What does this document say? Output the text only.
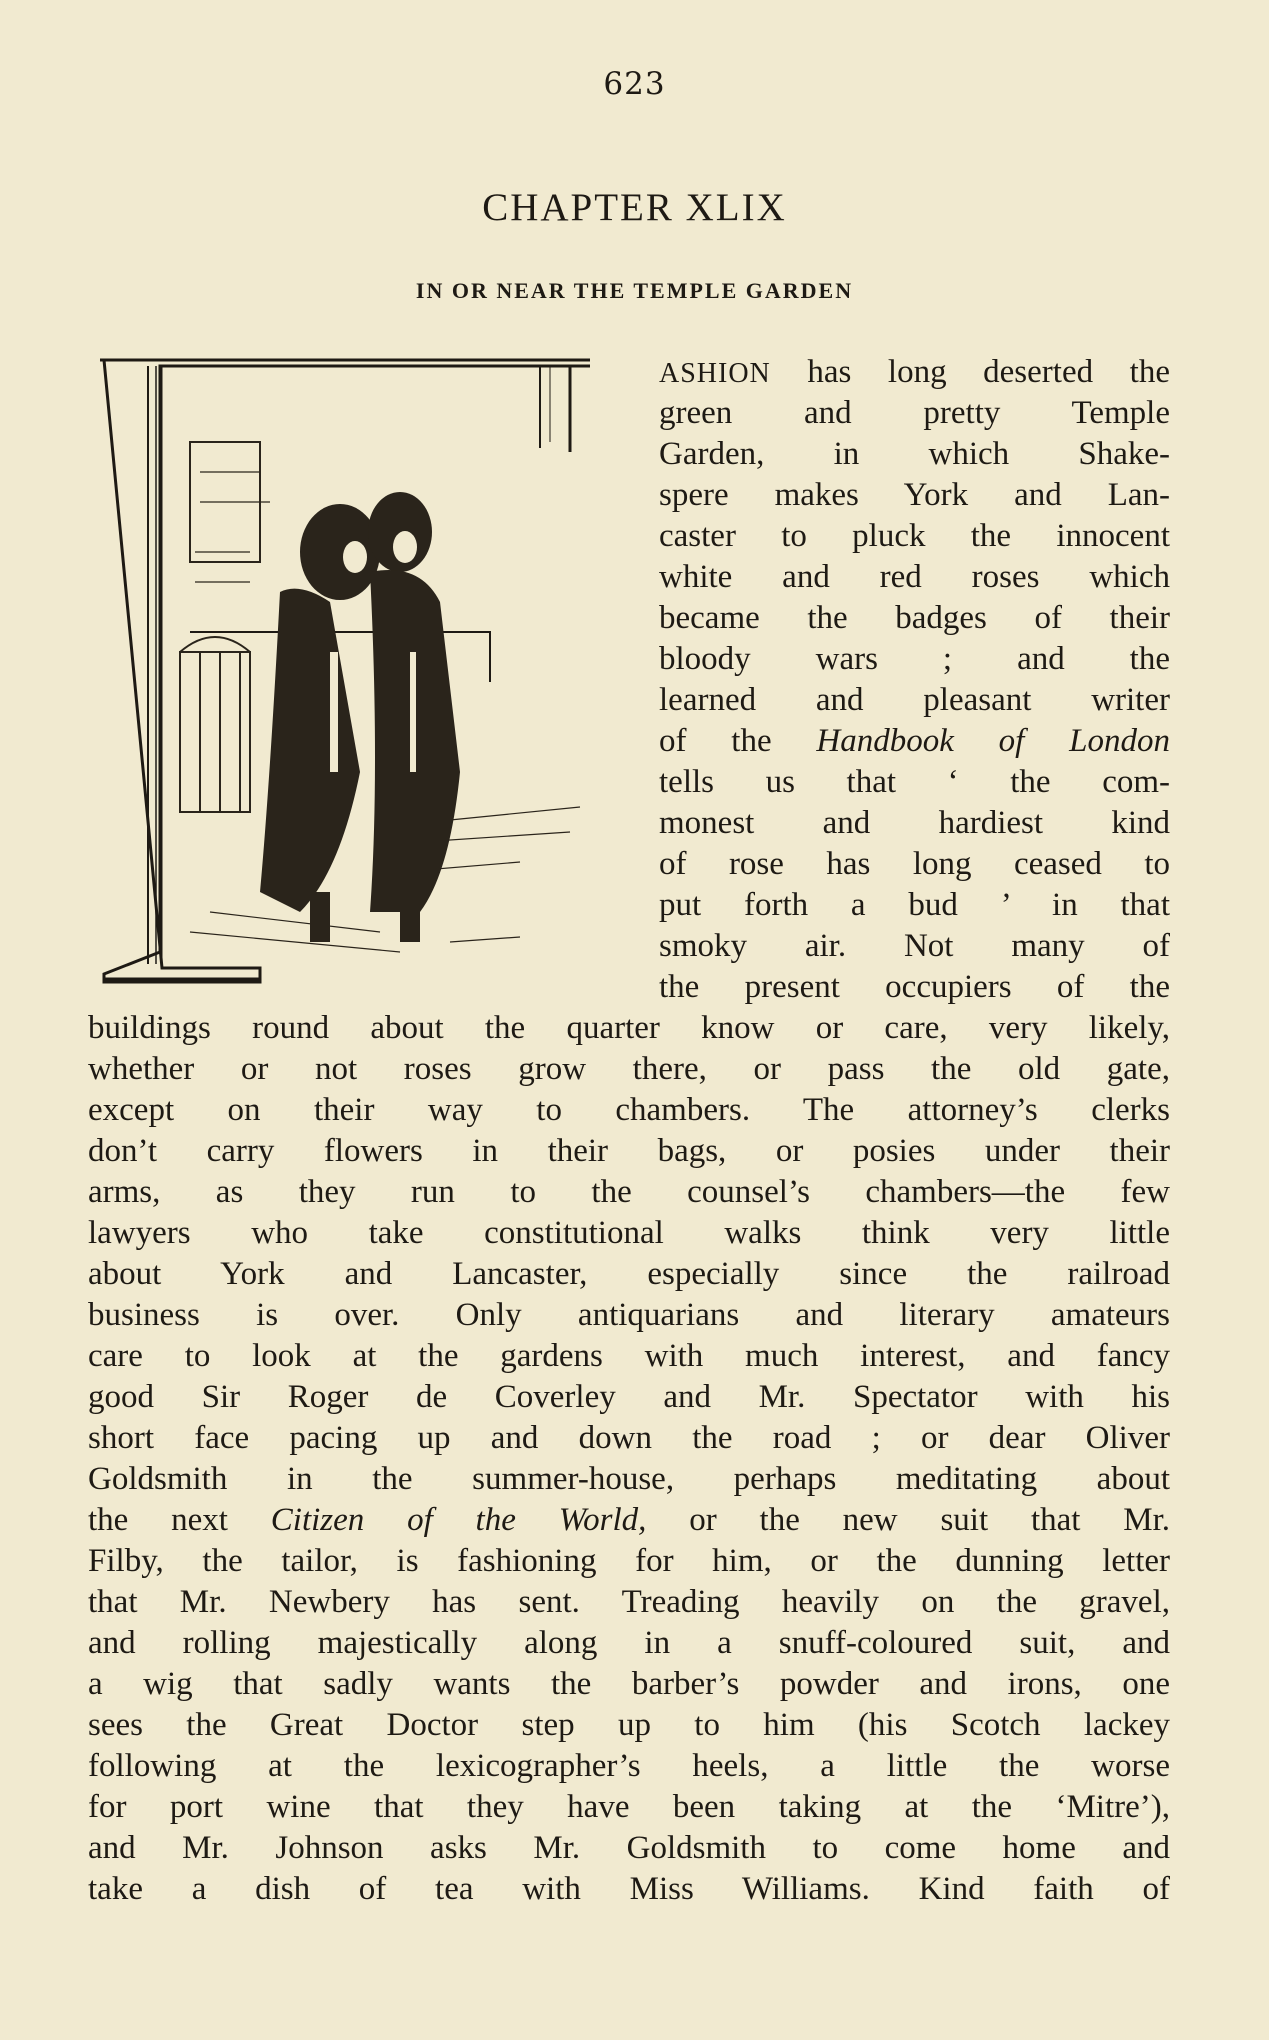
623
CHAPTER XLIX
IN OR NEAR THE TEMPLE GARDEN
ASHION has long deserted the
green and pretty Temple
Garden, in which Shake-
spere makes York and Lan-
caster to pluck the innocent
white and red roses which
became the badges of their
bloody wars ; and the
learned and pleasant writer
of the Handbook of London
tells us that ‘ the com-
monest and hardiest kind
of rose has long ceased to
put forth a bud ’ in that
smoky air. Not many of
the present occupiers of the
buildings round about the quarter know or care, very likely,
whether or not roses grow there, or pass the old gate,
except on their way to chambers. The attorney’s clerks
don’t carry flowers in their bags, or posies under their
arms, as they run to the counsel’s chambers—the few
lawyers who take constitutional walks think very little
about York and Lancaster, especially since the railroad
business is over. Only antiquarians and literary amateurs
care to look at the gardens with much interest, and fancy
good Sir Roger de Coverley and Mr. Spectator with his
short face pacing up and down the road ; or dear Oliver
Goldsmith in the summer-house, perhaps meditating about
the next Citizen of the World, or the new suit that Mr.
Filby, the tailor, is fashioning for him, or the dunning letter
that Mr. Newbery has sent. Treading heavily on the gravel,
and rolling majestically along in a snuff-coloured suit, and
a wig that sadly wants the barber’s powder and irons, one
sees the Great Doctor step up to him (his Scotch lackey
following at the lexicographer’s heels, a little the worse
for port wine that they have been taking at the ‘Mitre’),
and Mr. Johnson asks Mr. Goldsmith to come home and
take a dish of tea with Miss Williams. Kind faith of
